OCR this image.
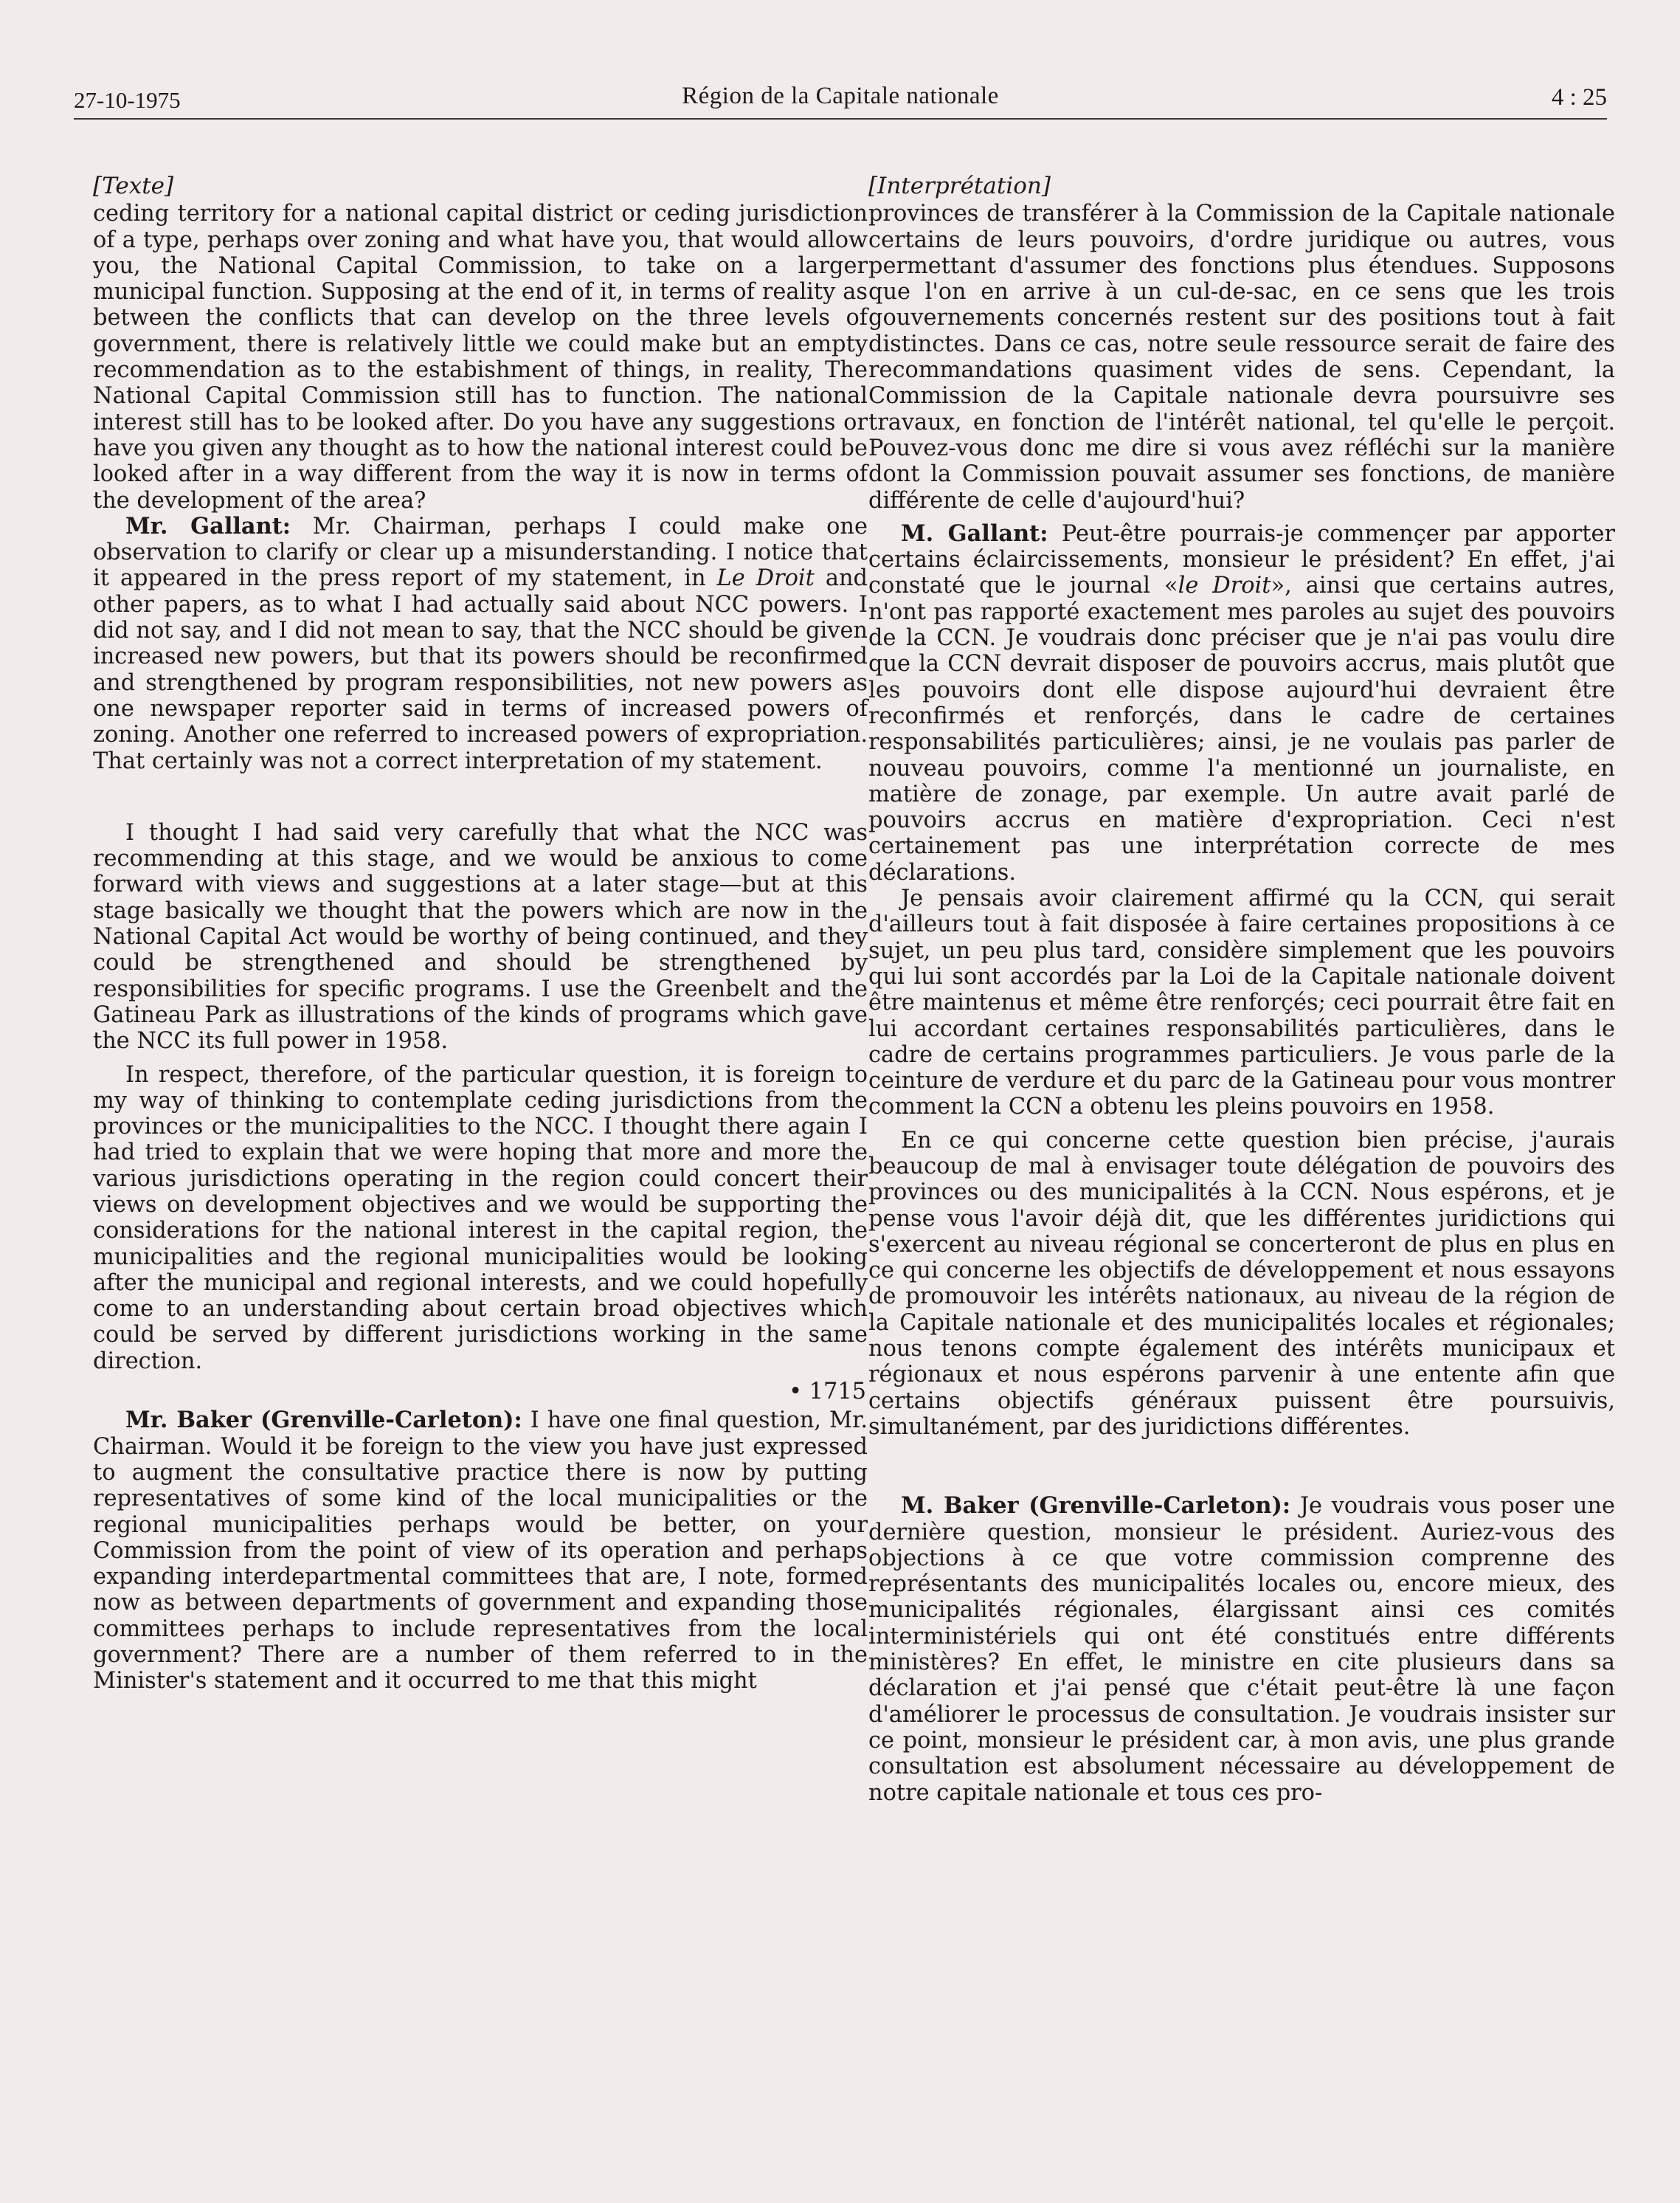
27-10-1975	Région de la Capitale nationale	4 : 25

[Texte]

ceding territory for a national capital district or ceding jurisdiction of a type, perhaps over zoning and what have you, that would allow you, the National Capital Commission, to take on a larger municipal function. Supposing at the end of it, in terms of reality as between the conflicts that can develop on the three levels of government, there is relatively little we could make but an empty recommendation as to the estabishment of things, in reality, The National Capital Commission still has to function. The national interest still has to be looked after. Do you have any suggestions or have you given any thought as to how the national interest could be looked after in a way different from the way it is now in terms of the development of the area?

Mr. Gallant: Mr. Chairman, perhaps I could make one observation to clarify or clear up a misunderstanding. I notice that it appeared in the press report of my statement, in Le Droit and other papers, as to what I had actually said about NCC powers. I did not say, and I did not mean to say, that the NCC should be given increased new powers, but that its powers should be reconfirmed and strengthened by program responsibilities, not new powers as one newspaper reporter said in terms of increased powers of zoning. Another one referred to increased powers of expropriation. That certainly was not a correct interpretation of my statement.

I thought I had said very carefully that what the NCC was recommending at this stage, and we would be anxious to come forward with views and suggestions at a later stage—but at this stage basically we thought that the powers which are now in the National Capital Act would be worthy of being continued, and they could be strengthened and should be strengthened by responsibilities for specific programs. I use the Greenbelt and the Gatineau Park as illustrations of the kinds of programs which gave the NCC its full power in 1958.

In respect, therefore, of the particular question, it is foreign to my way of thinking to contemplate ceding jurisdictions from the provinces or the municipalities to the NCC. I thought there again I had tried to explain that we were hoping that more and more the various jurisdictions operating in the region could concert their views on development objectives and we would be supporting the considerations for the national interest in the capital region, the municipalities and the regional municipalities would be looking after the municipal and regional interests, and we could hopefully come to an understanding about certain broad objectives which could be served by different jurisdictions working in the same direction.

• 1715

Mr. Baker (Grenville-Carleton): I have one final question, Mr. Chairman. Would it be foreign to the view you have just expressed to augment the consultative practice there is now by putting representatives of some kind of the local municipalities or the regional municipalities perhaps would be better, on your Commission from the point of view of its operation and perhaps expanding interdepartmental committees that are, I note, formed now as between departments of government and expanding those committees perhaps to include representatives from the local government? There are a number of them referred to in the Minister's statement and it occurred to me that this might

[Interprétation]

provinces de transférer à la Commission de la Capitale nationale certains de leurs pouvoirs, d'ordre juridique ou autres, vous permettant d'assumer des fonctions plus étendues. Supposons que l'on en arrive à un cul-de-sac, en ce sens que les trois gouvernements concernés restent sur des positions tout à fait distinctes. Dans ce cas, notre seule ressource serait de faire des recommandations quasiment vides de sens. Cependant, la Commission de la Capitale nationale devra poursuivre ses travaux, en fonction de l'intérêt national, tel qu'elle le perçoit. Pouvez-vous donc me dire si vous avez réfléchi sur la manière dont la Commission pouvait assumer ses fonctions, de manière différente de celle d'aujourd'hui?

M. Gallant: Peut-être pourrais-je commençer par apporter certains éclaircissements, monsieur le président? En effet, j'ai constaté que le journal «le Droit», ainsi que certains autres, n'ont pas rapporté exactement mes paroles au sujet des pouvoirs de la CCN. Je voudrais donc préciser que je n'ai pas voulu dire que la CCN devrait disposer de pouvoirs accrus, mais plutôt que les pouvoirs dont elle dispose aujourd'hui devraient être reconfirmés et renforçés, dans le cadre de certaines responsabilités particulières; ainsi, je ne voulais pas parler de nouveau pouvoirs, comme l'a mentionné un journaliste, en matière de zonage, par exemple. Un autre avait parlé de pouvoirs accrus en matière d'expropriation. Ceci n'est certainement pas une interprétation correcte de mes déclarations.

Je pensais avoir clairement affirmé qu la CCN, qui serait d'ailleurs tout à fait disposée à faire certaines propositions à ce sujet, un peu plus tard, considère simplement que les pouvoirs qui lui sont accordés par la Loi de la Capitale nationale doivent être maintenus et même être renforçés; ceci pourrait être fait en lui accordant certaines responsabilités particulières, dans le cadre de certains programmes particuliers. Je vous parle de la ceinture de verdure et du parc de la Gatineau pour vous montrer comment la CCN a obtenu les pleins pouvoirs en 1958.

En ce qui concerne cette question bien précise, j'aurais beaucoup de mal à envisager toute délégation de pouvoirs des provinces ou des municipalités à la CCN. Nous espérons, et je pense vous l'avoir déjà dit, que les différentes juridictions qui s'exercent au niveau régional se concerteront de plus en plus en ce qui concerne les objectifs de développement et nous essayons de promouvoir les intérêts nationaux, au niveau de la région de la Capitale nationale et des municipalités locales et régionales; nous tenons compte également des intérêts municipaux et régionaux et nous espérons parvenir à une entente afin que certains objectifs généraux puissent être poursuivis, simultanément, par des juridictions différentes.

M. Baker (Grenville-Carleton): Je voudrais vous poser une dernière question, monsieur le président. Auriez-vous des objections à ce que votre commission comprenne des représentants des municipalités locales ou, encore mieux, des municipalités régionales, élargissant ainsi ces comités interministériels qui ont été constitués entre différents ministères? En effet, le ministre en cite plusieurs dans sa déclaration et j'ai pensé que c'était peut-être là une façon d'améliorer le processus de consultation. Je voudrais insister sur ce point, monsieur le président car, à mon avis, une plus grande consultation est absolument nécessaire au développement de notre capitale nationale et tous ces pro-
